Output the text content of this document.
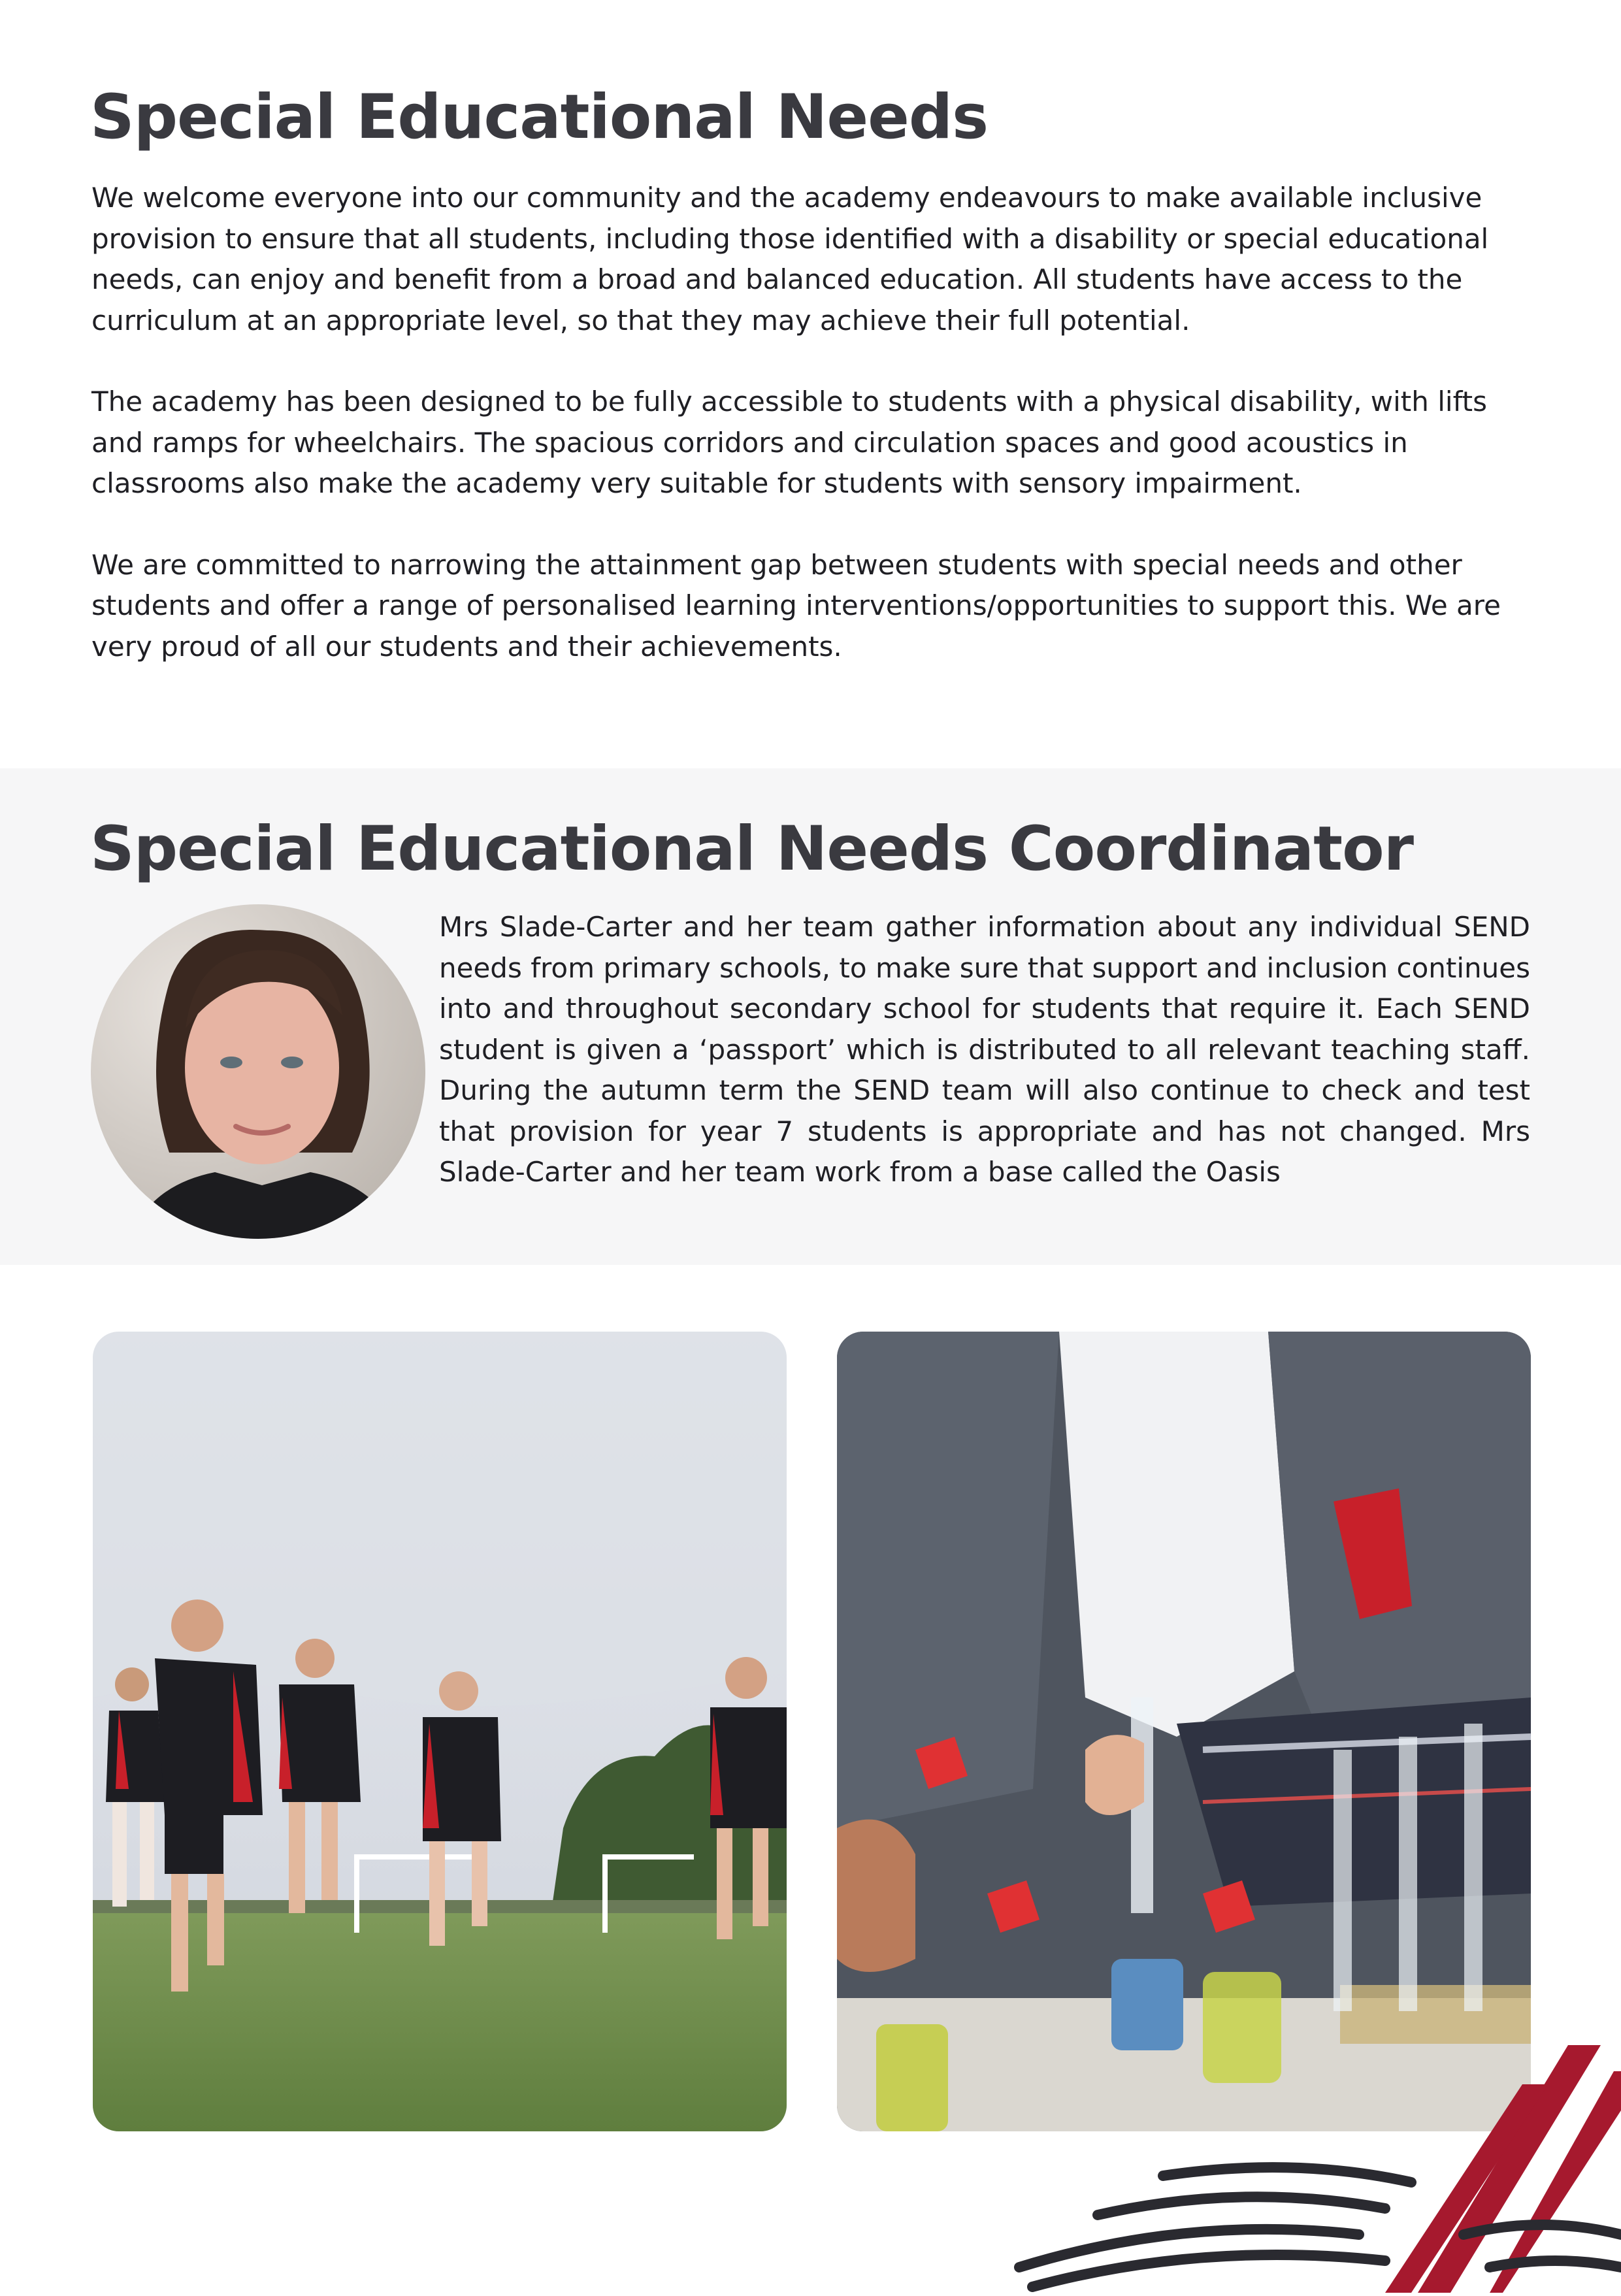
Special Educational Needs

We welcome everyone into our community and the academy endeavours to make available inclusive provision to ensure that all students, including those identified with a disability or special educational needs, can enjoy and benefit from a broad and balanced education. All students have access to the curriculum at an appropriate level, so that they may achieve their full potential.

The academy has been designed to be fully accessible to students with a physical disability, with lifts and ramps for wheelchairs. The spacious corridors and circulation spaces and good acoustics in classrooms also make the academy very suitable for students with sensory impairment.

We are committed to narrowing the attainment gap between students with special needs and other students and offer a range of personalised learning interventions/opportunities to support this. We are very proud of all our students and their achievements.

Special Educational Needs Coordinator
Mrs Slade-Carter and her team gather information about any individual SEND needs from primary schools, to make sure that support and inclusion continues into and throughout secondary school for students that require it. Each SEND student is given a ‘passport’ which is distributed to all relevant teaching staff. During the autumn term the SEND team will also continue to check and test that provision for year 7 students is appropriate and has not changed. Mrs Slade-Carter and her team work from a base called the Oasis
